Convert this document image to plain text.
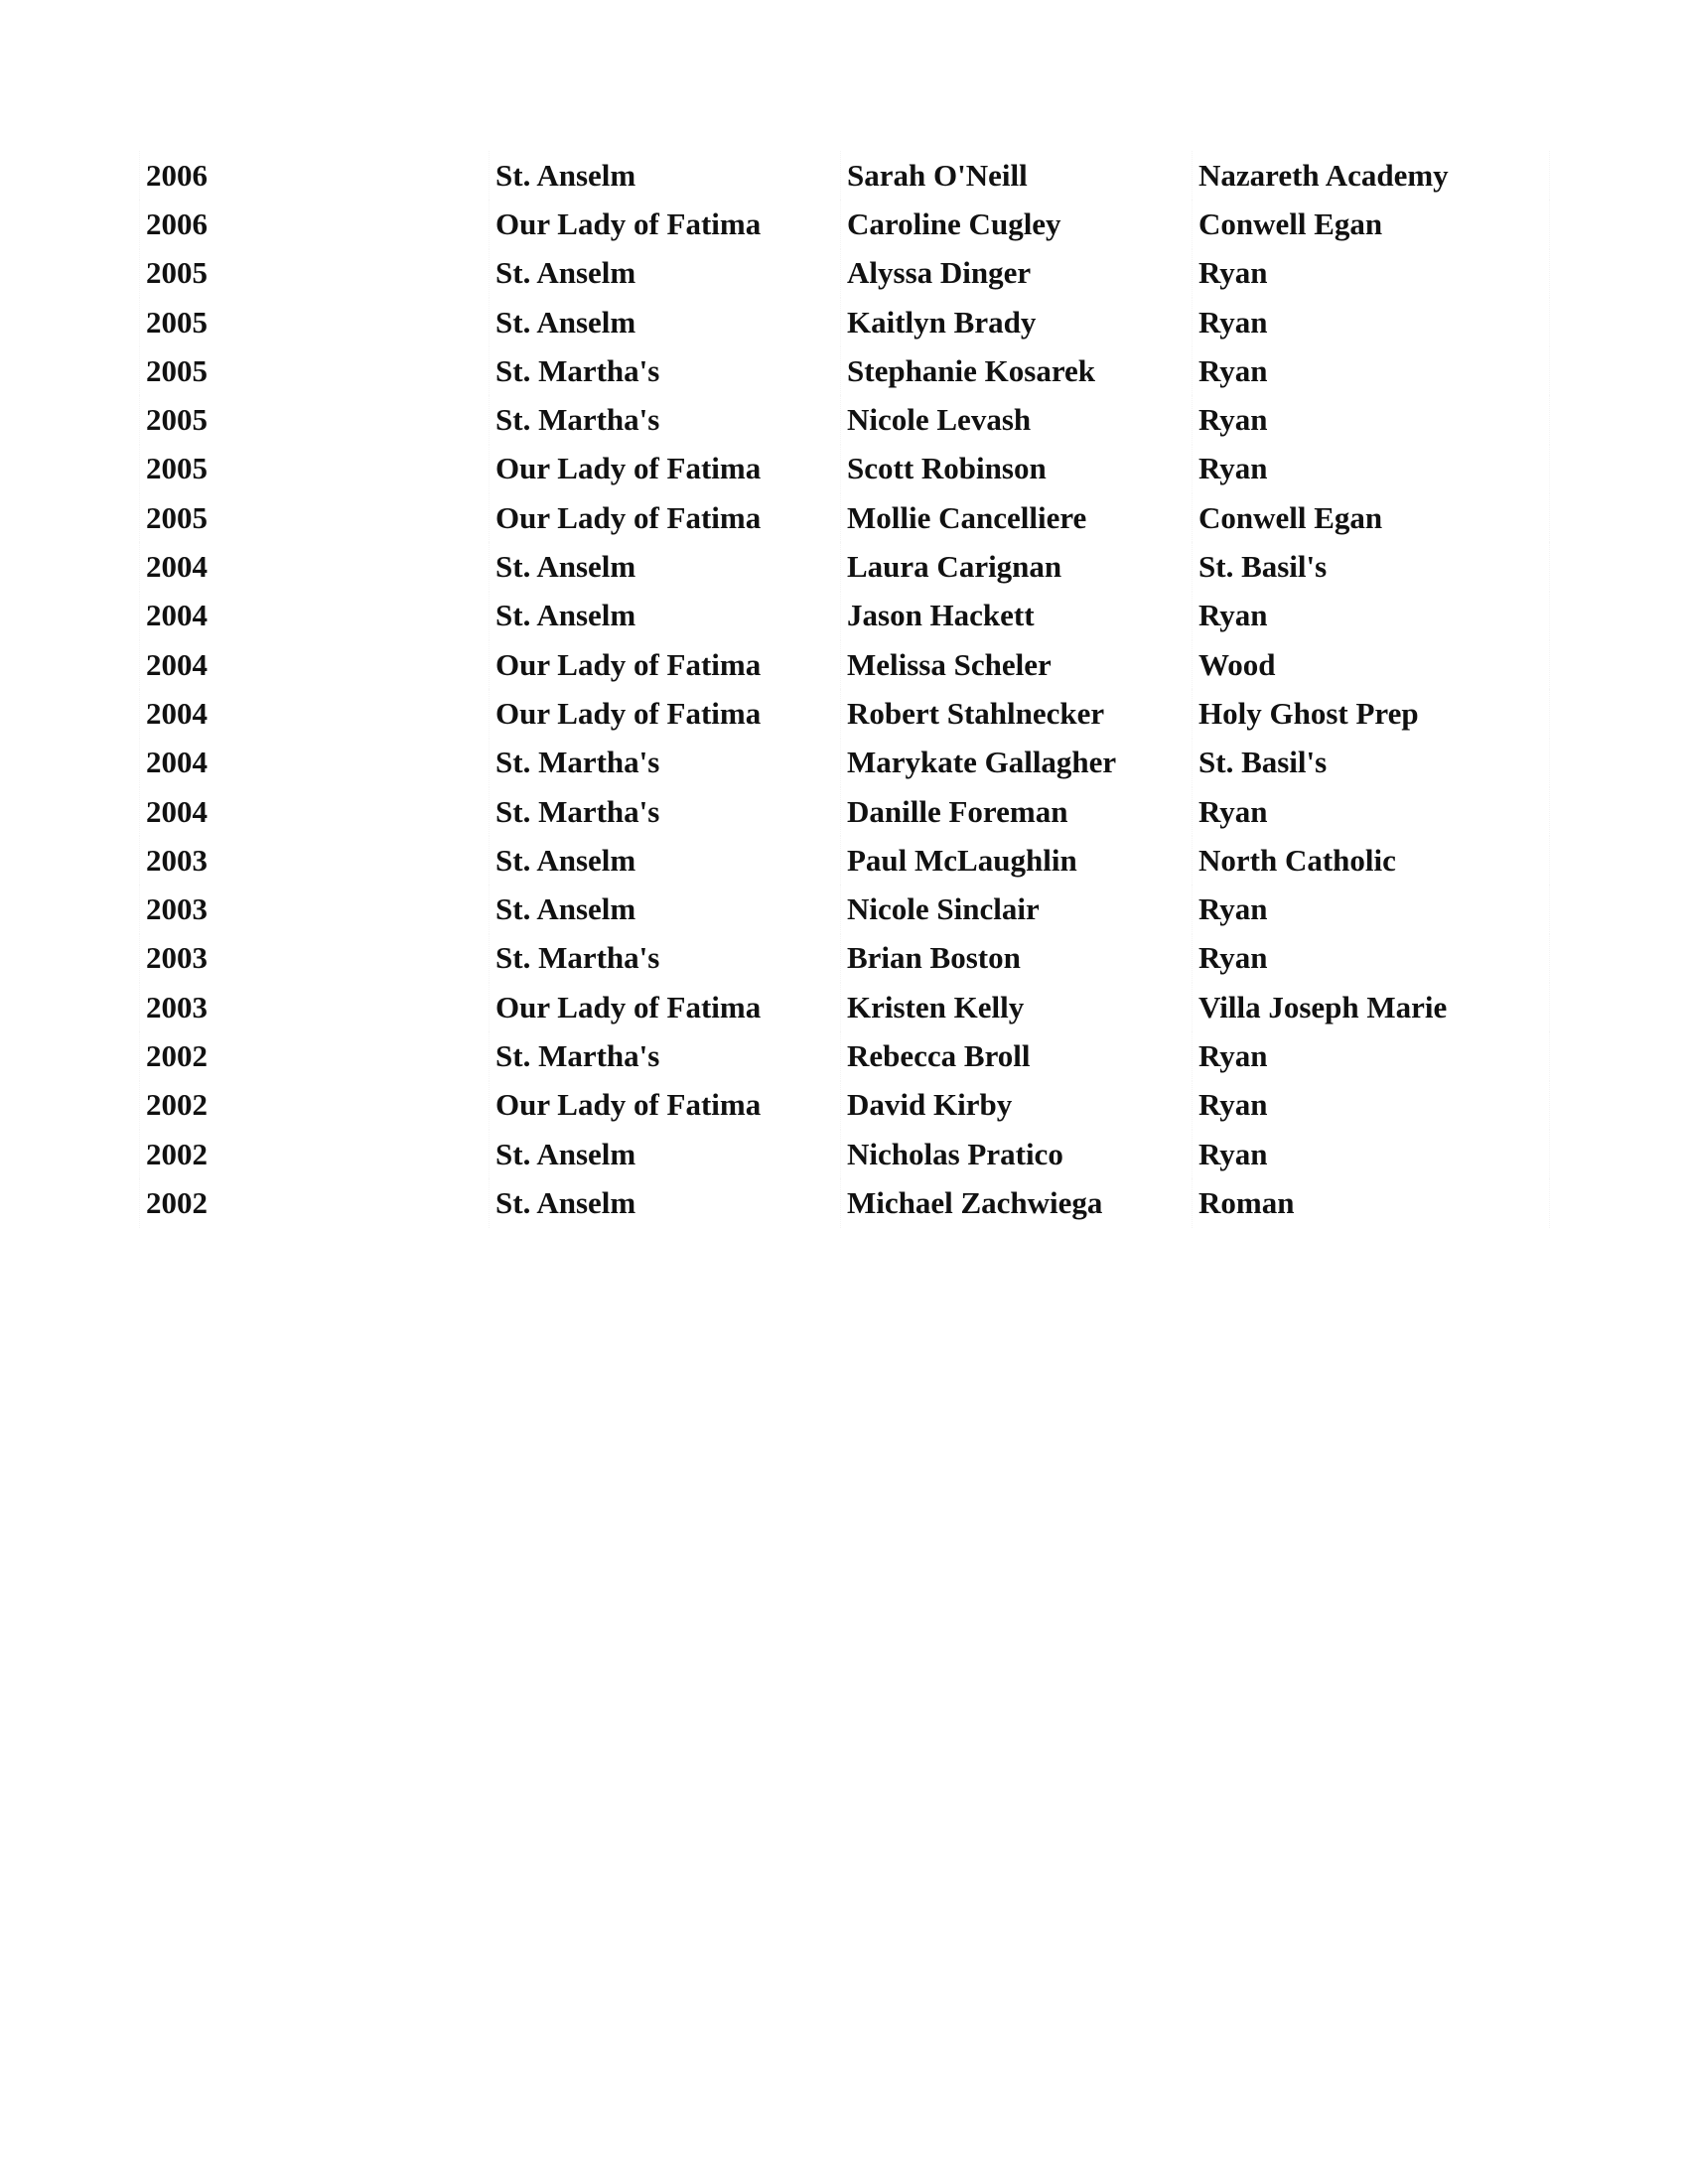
2006	St. Anselm	Sarah O'Neill	Nazareth Academy
2006	Our Lady of Fatima	Caroline Cugley	Conwell Egan
2005	St. Anselm	Alyssa Dinger	Ryan
2005	St. Anselm	Kaitlyn Brady	Ryan
2005	St. Martha's	Stephanie Kosarek	Ryan
2005	St. Martha's	Nicole Levash	Ryan
2005	Our Lady of Fatima	Scott Robinson	Ryan
2005	Our Lady of Fatima	Mollie Cancelliere	Conwell Egan
2004	St. Anselm	Laura Carignan	St. Basil's
2004	St. Anselm	Jason Hackett	Ryan
2004	Our Lady of Fatima	Melissa Scheler	Wood
2004	Our Lady of Fatima	Robert Stahlnecker	Holy Ghost Prep
2004	St. Martha's	Marykate Gallagher	St. Basil's
2004	St. Martha's	Danille Foreman	Ryan
2003	St. Anselm	Paul McLaughlin	North Catholic
2003	St. Anselm	Nicole Sinclair	Ryan
2003	St. Martha's	Brian Boston	Ryan
2003	Our Lady of Fatima	Kristen Kelly	Villa Joseph Marie
2002	St. Martha's	Rebecca Broll	Ryan
2002	Our Lady of Fatima	David Kirby	Ryan
2002	St. Anselm	Nicholas Pratico	Ryan
2002	St. Anselm	Michael Zachwiega	Roman
